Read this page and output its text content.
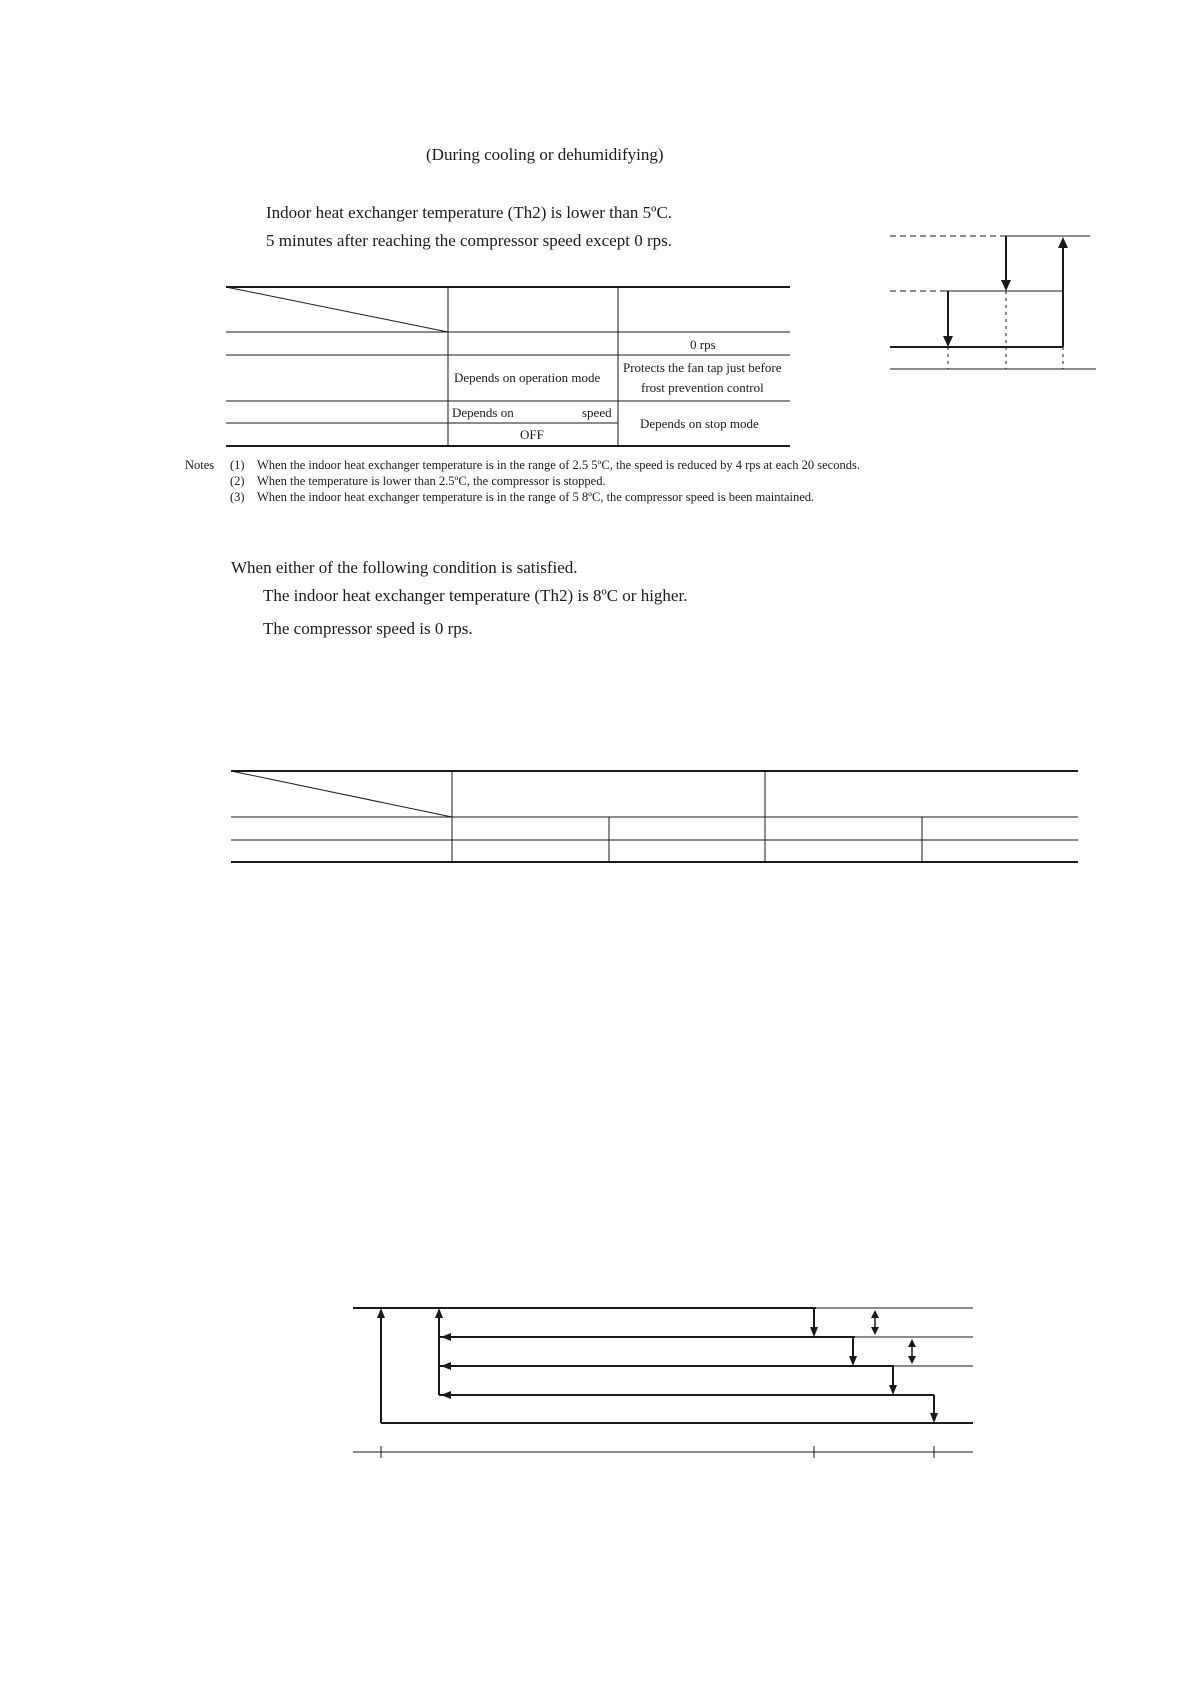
(During cooling or dehumidifying)
Indoor heat exchanger temperature (Th2) is lower than 5ºC.
5 minutes after reaching the compressor speed except 0 rps.
0 rps
Depends on operation mode
Protects the fan tap just before
frost prevention control
Depends on	speed
Depends on stop mode
OFF
Notes (1) When the indoor heat exchanger temperature is in the range of 2.5 5ºC, the speed is reduced by 4 rps at each 20 seconds.
(2) When the temperature is lower than 2.5ºC, the compressor is stopped.
(3) When the indoor heat exchanger temperature is in the range of 5 8ºC, the compressor speed is been maintained.
When either of the following condition is satisfied.
The indoor heat exchanger temperature (Th2) is 8ºC or higher.
The compressor speed is 0 rps.
